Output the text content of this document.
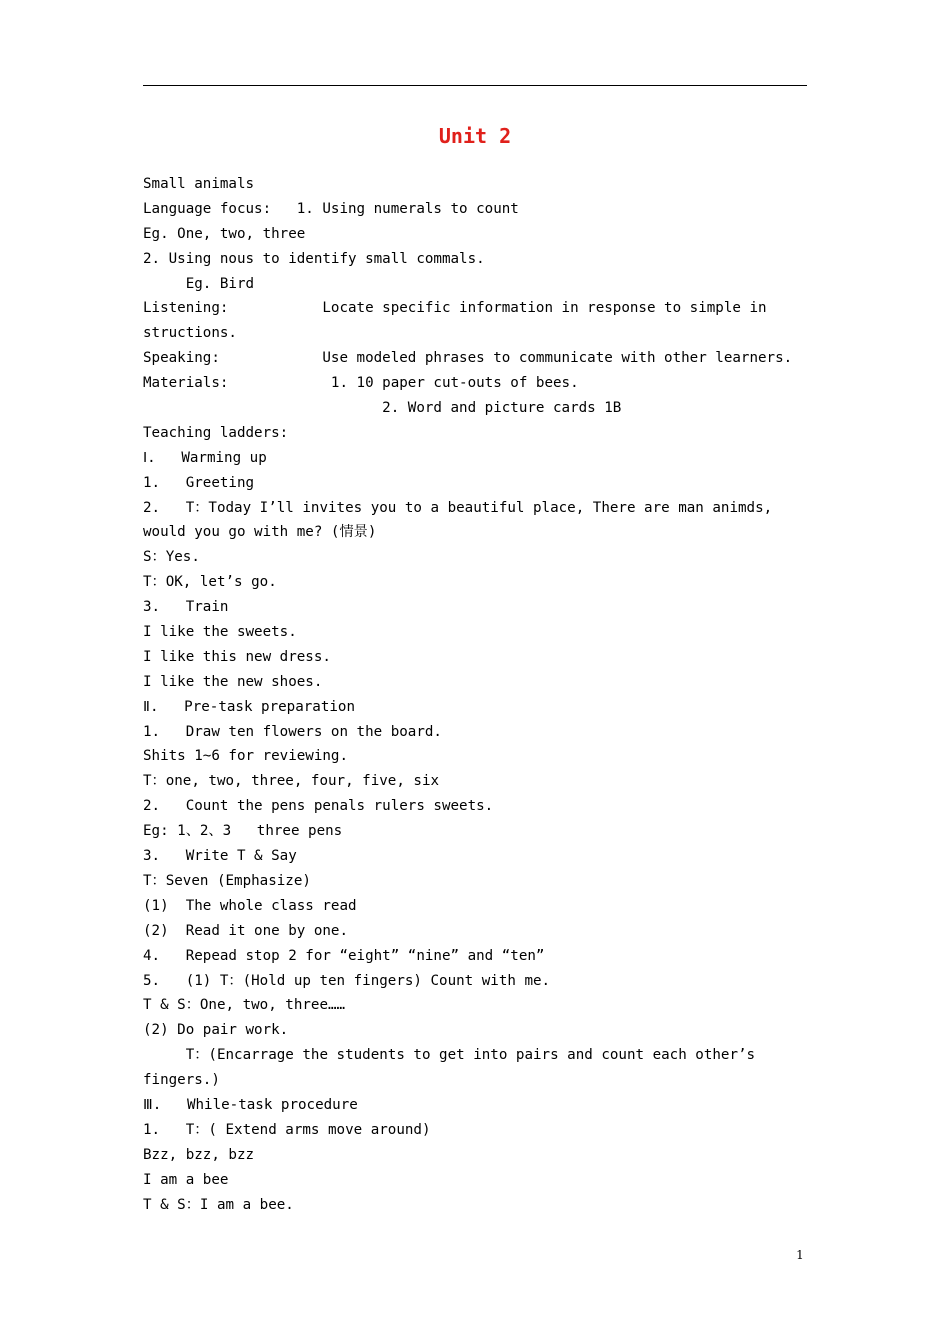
Unit 2
Small animals
Language focus:   1. Using numerals to count
Eg. One, two, three
2. Using nous to identify small commals.
Eg. Bird
Listening:           Locate specific information in response to simple in
structions.
Speaking:            Use modeled phrases to communicate with other learners.
Materials:            1. 10 paper cut-outs of bees.
2. Word and picture cards 1B
Teaching ladders:
Ⅰ.   Warming up
1.   Greeting
2.   T：Today I’ll invites you to a beautiful place, There are man animds,
would you go with me? (情景)
S：Yes.
T：OK, let’s go.
3.   Train
I like the sweets.
I like this new dress.
I like the new shoes.
Ⅱ.   Pre-task preparation
1.   Draw ten flowers on the board.
Shits 1~6 for reviewing.
T：one, two, three, four, five, six
2.   Count the pens penals rulers sweets.
Eg: 1、2、3   three pens
3.   Write T & Say
T：Seven (Emphasize)
(1)  The whole class read
(2)  Read it one by one.
4.   Repead stop 2 for “eight” “nine” and “ten”
5.   (1) T：(Hold up ten fingers) Count with me.
T & S：One, two, three……
(2) Do pair work.
T：(Encarrage the students to get into pairs and count each other’s
fingers.)
Ⅲ.   While-task procedure
1.   T：( Extend arms move around)
Bzz, bzz, bzz
I am a bee
T & S：I am a bee.
1
